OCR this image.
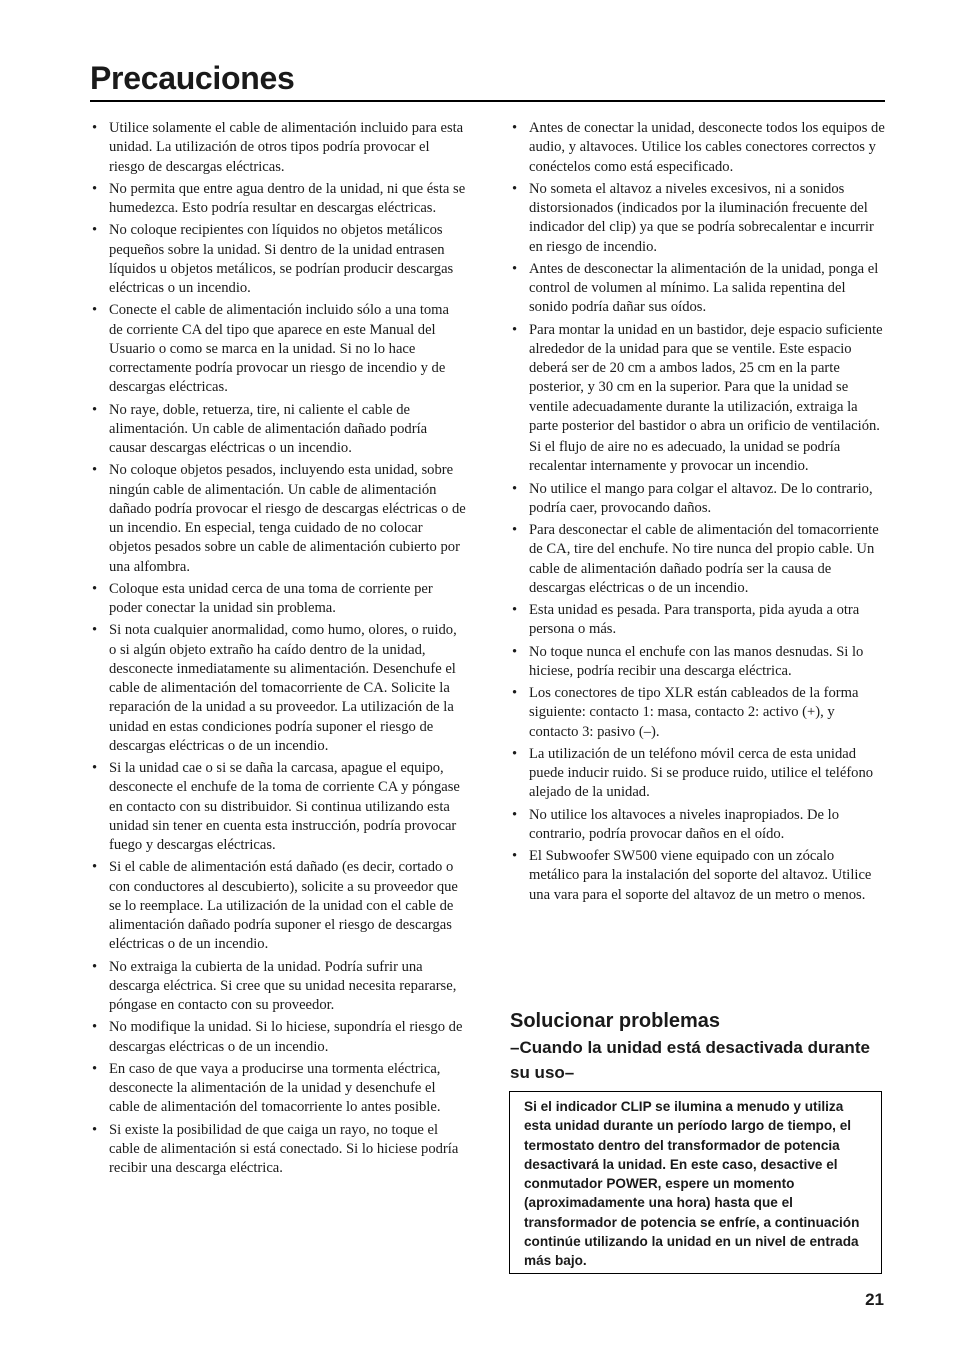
Precauciones
• Utilice solamente el cable de alimentación incluido para esta unidad. La utilización de otros tipos podría provocar el riesgo de descargas eléctricas.
• No permita que entre agua dentro de la unidad, ni que ésta se humedezca. Esto podría resultar en descargas eléctricas.
• No coloque recipientes con líquidos no objetos metálicos pequeños sobre la unidad. Si dentro de la unidad entrasen líquidos u objetos metálicos, se podrían producir descargas eléctricas o un incendio.
• Conecte el cable de alimentación incluido sólo a una toma de corriente CA del tipo que aparece en este Manual del Usuario o como se marca en la unidad. Si no lo hace correctamente podría provocar un riesgo de incendio y de descargas eléctricas.
• No raye, doble, retuerza, tire, ni caliente el cable de alimentación. Un cable de alimentación dañado podría causar descargas eléctricas o un incendio.
• No coloque objetos pesados, incluyendo esta unidad, sobre ningún cable de alimentación. Un cable de alimentación dañado podría provocar el riesgo de descargas eléctricas o de un incendio. En especial, tenga cuidado de no colocar objetos pesados sobre un cable de alimentación cubierto por una alfombra.
• Coloque esta unidad cerca de una toma de corriente per poder conectar la unidad sin problema.
• Si nota cualquier anormalidad, como humo, olores, o ruido, o si algún objeto extraño ha caído dentro de la unidad, desconecte inmediatamente su alimentación. Desenchufe el cable de alimentación del tomacorriente de CA. Solicite la reparación de la unidad a su proveedor. La utilización de la unidad en estas condiciones podría suponer el riesgo de descargas eléctricas o de un incendio.
• Si la unidad cae o si se daña la carcasa, apague el equipo, desconecte el enchufe de la toma de corriente CA y póngase en contacto con su distribuidor. Si continua utilizando esta unidad sin tener en cuenta esta instrucción, podría provocar fuego y descargas eléctricas.
• Si el cable de alimentación está dañado (es decir, cortado o con conductores al descubierto), solicite a su proveedor que se lo reemplace. La utilización de la unidad con el cable de alimentación dañado podría suponer el riesgo de descargas eléctricas o de un incendio.
• No extraiga la cubierta de la unidad. Podría sufrir una descarga eléctrica. Si cree que su unidad necesita repararse, póngase en contacto con su proveedor.
• No modifique la unidad. Si lo hiciese, supondría el riesgo de descargas eléctricas o de un incendio.
• En caso de que vaya a producirse una tormenta eléctrica, desconecte la alimentación de la unidad y desenchufe el cable de alimentación del tomacorriente lo antes posible.
• Si existe la posibilidad de que caiga un rayo, no toque el cable de alimentación si está conectado. Si lo hiciese podría recibir una descarga eléctrica.
• Antes de conectar la unidad, desconecte todos los equipos de audio, y altavoces. Utilice los cables conectores correctos y conéctelos como está especificado.
• No someta el altavoz a niveles excesivos, ni a sonidos distorsionados (indicados por la iluminación frecuente del indicador del clip) ya que se podría sobrecalentar e incurrir en riesgo de incendio.
• Antes de desconectar la alimentación de la unidad, ponga el control de volumen al mínimo. La salida repentina del sonido podría dañar sus oídos.
• Para montar la unidad en un bastidor, deje espacio suficiente alrededor de la unidad para que se ventile. Este espacio deberá ser de 20 cm a ambos lados, 25 cm en la parte posterior, y 30 cm en la superior. Para que la unidad se ventile adecuadamente durante la utilización, extraiga la parte posterior del bastidor o abra un orificio de ventilación.
Si el flujo de aire no es adecuado, la unidad se podría recalentar internamente y provocar un incendio.
• No utilice el mango para colgar el altavoz. De lo contrario, podría caer, provocando daños.
• Para desconectar el cable de alimentación del tomacorriente de CA, tire del enchufe. No tire nunca del propio cable. Un cable de alimentación dañado podría ser la causa de descargas eléctricas o de un incendio.
• Esta unidad es pesada. Para transporta, pida ayuda a otra persona o más.
• No toque nunca el enchufe con las manos desnudas. Si lo hiciese, podría recibir una descarga eléctrica.
• Los conectores de tipo XLR están cableados de la forma siguiente: contacto 1: masa, contacto 2: activo (+), y contacto 3: pasivo (–).
• La utilización de un teléfono móvil cerca de esta unidad puede inducir ruido. Si se produce ruido, utilice el teléfono alejado de la unidad.
• No utilice los altavoces a niveles inapropiados. De lo contrario, podría provocar daños en el oído.
• El Subwoofer SW500 viene equipado con un zócalo metálico para la instalación del soporte del altavoz. Utilice una vara para el soporte del altavoz de un metro o menos.
Solucionar problemas
–Cuando la unidad está desactivada durante su uso–
Si el indicador CLIP se ilumina a menudo y utiliza esta unidad durante un período largo de tiempo, el termostato dentro del transformador de potencia desactivará la unidad. En este caso, desactive el conmutador POWER, espere un momento (aproximadamente una hora) hasta que el transformador de potencia se enfríe, a continuación continúe utilizando la unidad en un nivel de entrada más bajo.
21
